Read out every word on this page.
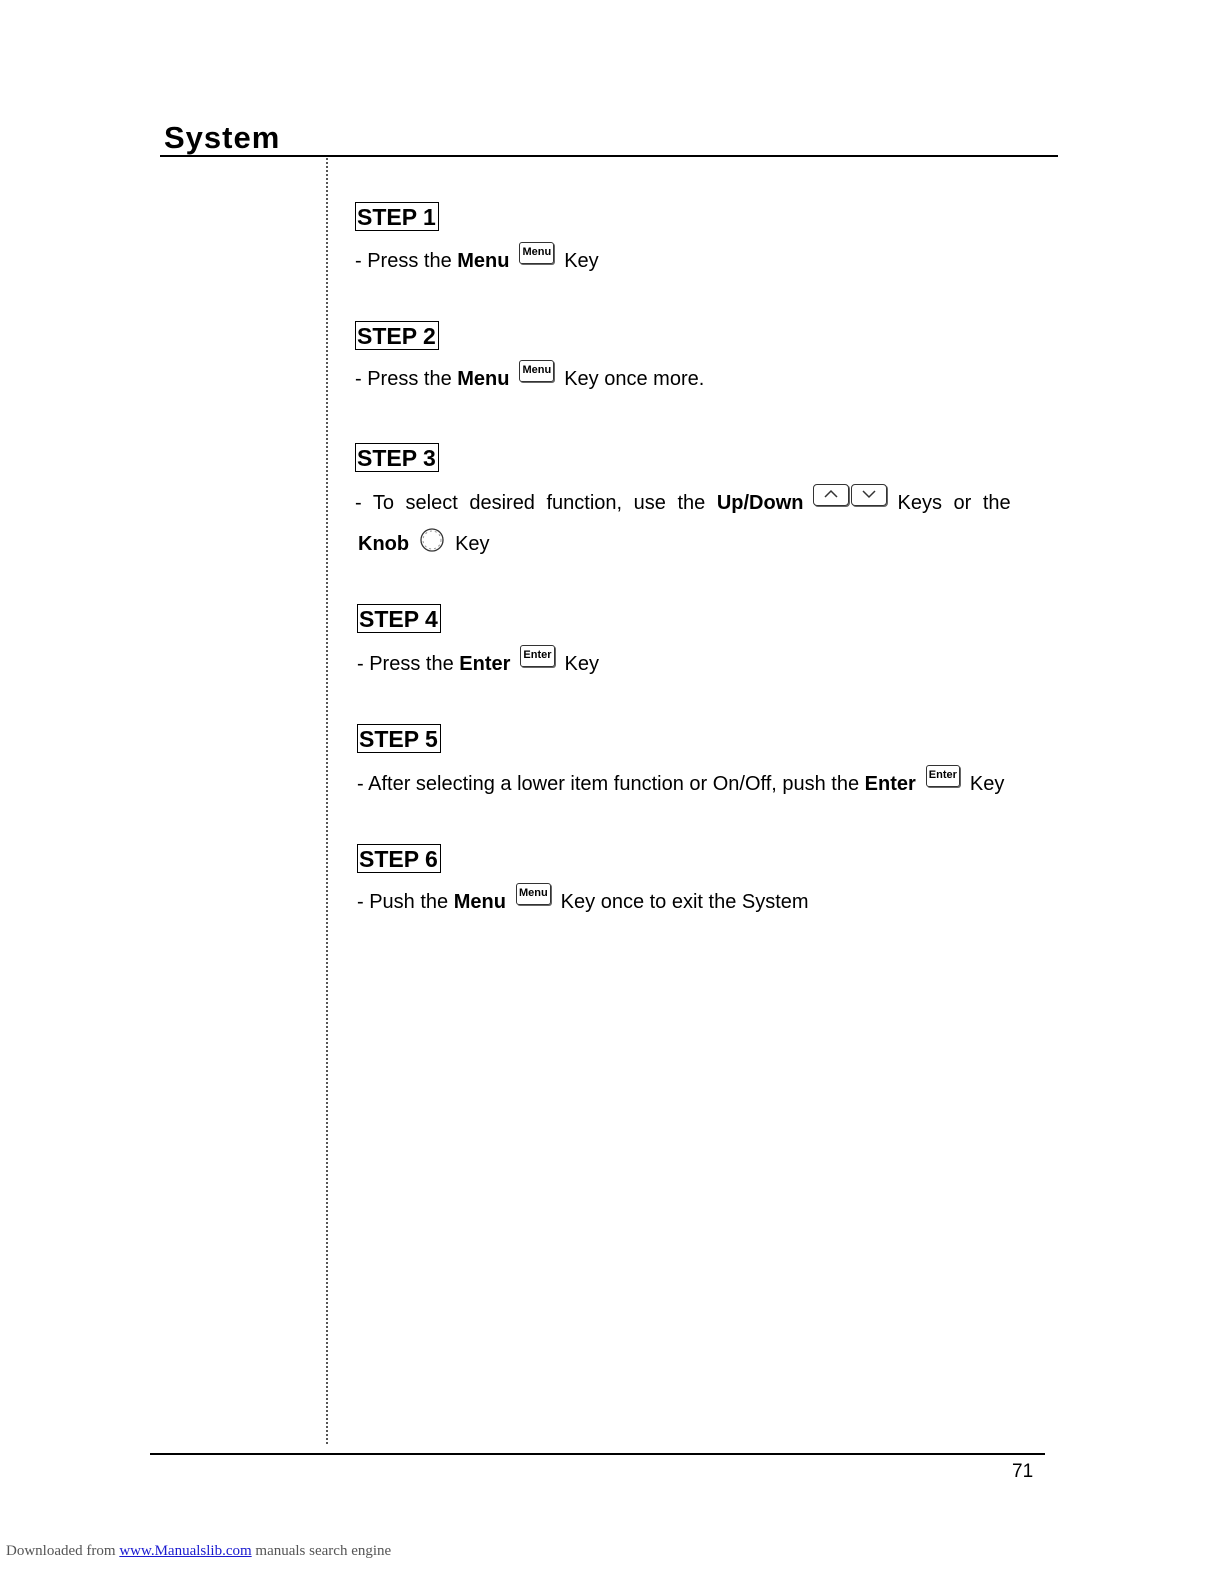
System
STEP 1
- Press the Menu Menu Key
STEP 2
- Press the Menu Menu Key once more.
STEP 3
- To select desired function, use the Up/Down	Keys or the
Knob Key
STEP 4
- Press the Enter Enter Key
STEP 5
- After selecting a lower item function or On/Off, push the Enter Enter Key
STEP 6
- Push the Menu Menu Key once to exit the System
71
Downloaded from www.Manualslib.com manuals search engine
